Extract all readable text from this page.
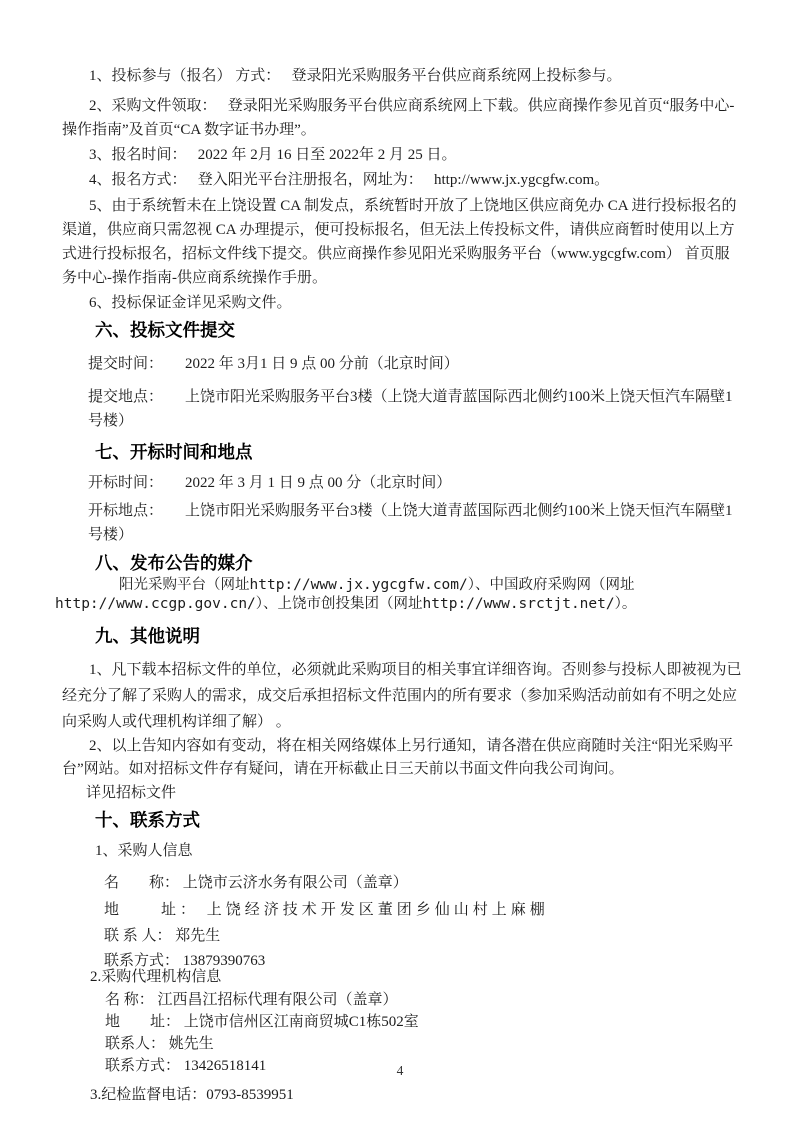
1、投标参与（报名） 方式：　 登录阳光采购服务平台供应商系统网上投标参与。

2、采购文件领取：　 登录阳光采购服务平台供应商系统网上下载。供应商操作参见首页“服务中心-操作指南”及首页“CA 数字证书办理”。

3、报名时间：　 2022 年 2月 16 日至 2022年 2 月 25 日。

4、报名方式：　 登入阳光平台注册报名，网址为：　 http://www.jx.ygcgfw.com。

5、由于系统暂未在上饶设置 CA 制发点，系统暂时开放了上饶地区供应商免办 CA 进行投标报名的渠道，供应商只需忽视 CA 办理提示，便可投标报名，但无法上传投标文件，请供应商暂时使用以上方式进行投标报名，招标文件线下提交。供应商操作参见阳光采购服务平台（www.ygcgfw.com） 首页服务中心-操作指南-供应商系统操作手册。

6、投标保证金详见采购文件。

六、投标文件提交

提交时间： 2022 年 3月1 日 9 点 00 分前（北京时间）

提交地点： 上饶市阳光采购服务平台3楼（上饶大道青蓝国际西北侧约100米上饶天恒汽车隔壁1号楼）

七、开标时间和地点

开标时间： 2022 年 3 月 1 日 9 点 00 分（北京时间）

开标地点： 上饶市阳光采购服务平台3楼（上饶大道青蓝国际西北侧约100米上饶天恒汽车隔壁1号楼）

八、发布公告的媒介

阳光采购平台（网址http://www.jx.ygcgfw.com/）、中国政府采购网（网址http://www.ccgp.gov.cn/）、上饶市创投集团（网址http://www.srctjt.net/）。

九、其他说明

1、凡下载本招标文件的单位，必须就此采购项目的相关事宜详细咨询。否则参与投标人即被视为已经充分了解了采购人的需求，成交后承担招标文件范围内的所有要求（参加采购活动前如有不明之处应向采购人或代理机构详细了解） 。

2、以上告知内容如有变动，将在相关网络媒体上另行通知，请各潜在供应商随时关注“阳光采购平台”网站。如对招标文件存有疑问，请在开标截止日三天前以书面文件向我公司询问。

详见招标文件

十、联系方式

1、采购人信息

名　　称： 上饶市云济水务有限公司（盖章）

地　　址： 上饶经济技术开发区董团乡仙山村上麻棚

联 系 人： 郑先生

联系方式： 13879390763

2.采购代理机构信息

名 称： 江西昌江招标代理有限公司（盖章）

地　　址： 上饶市信州区江南商贸城C1栋502室

联系人： 姚先生

联系方式： 13426518141

3.纪检监督电话：0793-8539951

4
